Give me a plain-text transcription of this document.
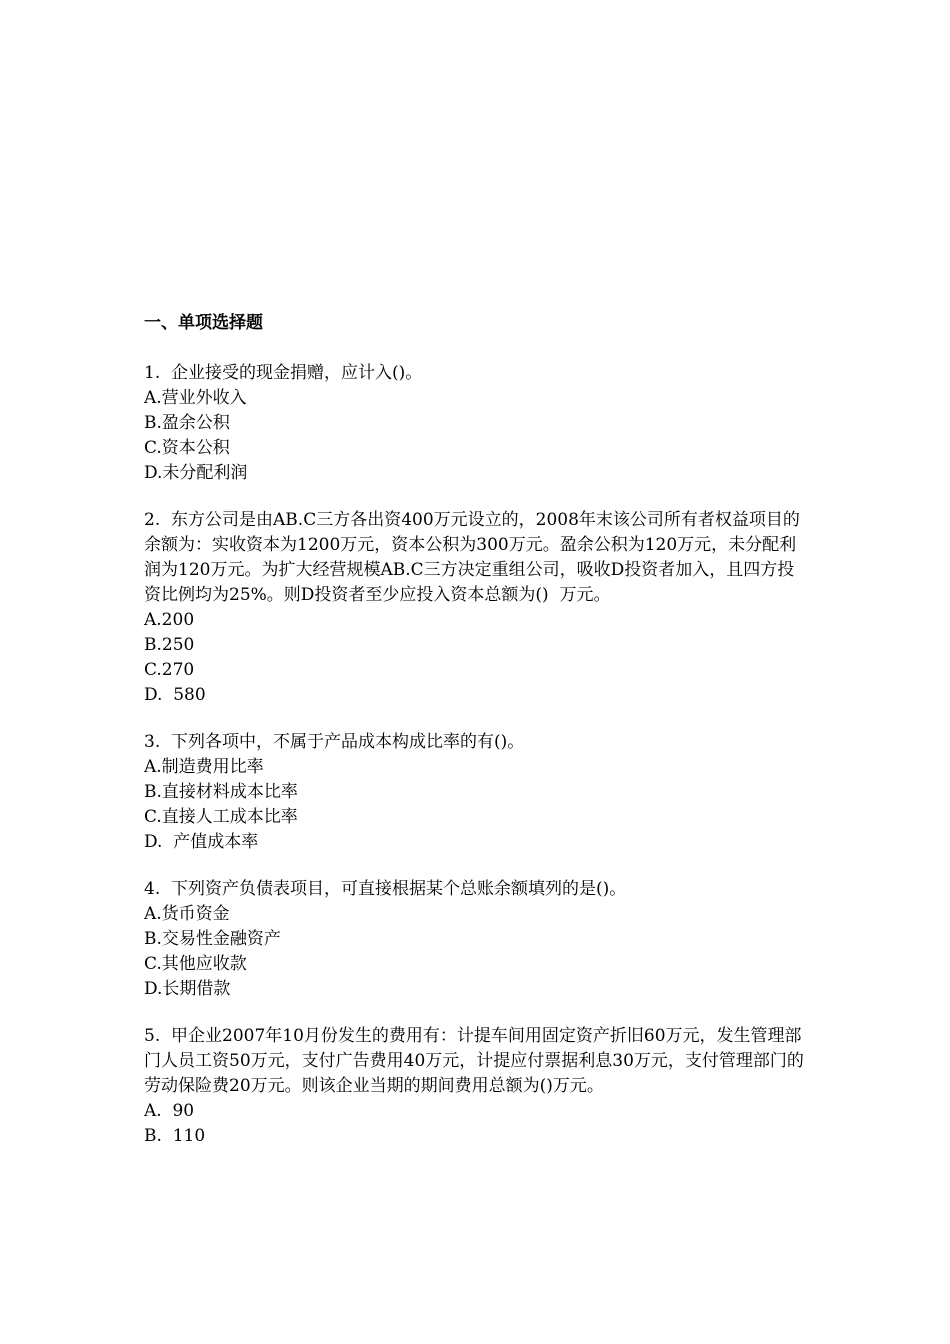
一、单项选择题

1.  企业接受的现金捐赠，应计入()。

A.营业外收入

B.盈余公积

C.资本公积

D.未分配利润

2.  东方公司是由AB.C三方各出资400万元设立的，2008年末该公司所有者权益项目的余额为：实收资本为1200万元，资本公积为300万元。盈余公积为120万元，未分配利润为120万元。为扩大经营规模AB.C三方决定重组公司，吸收D投资者加入，且四方投资比例均为25%。则D投资者至少应投入资本总额为()  万元。

A.200

B.250

C.270

D.  580

3.  下列各项中，不属于产品成本构成比率的有()。

A.制造费用比率

B.直接材料成本比率

C.直接人工成本比率

D.  产值成本率

4.  下列资产负债表项目，可直接根据某个总账余额填列的是()。

A.货币资金

B.交易性金融资产

C.其他应收款

D.长期借款

5.  甲企业2007年10月份发生的费用有：计提车间用固定资产折旧60万元，发生管理部门人员工资50万元，支付广告费用40万元，计提应付票据利息30万元，支付管理部门的劳动保险费20万元。则该企业当期的期间费用总额为()万元。

A.  90

B.  110
